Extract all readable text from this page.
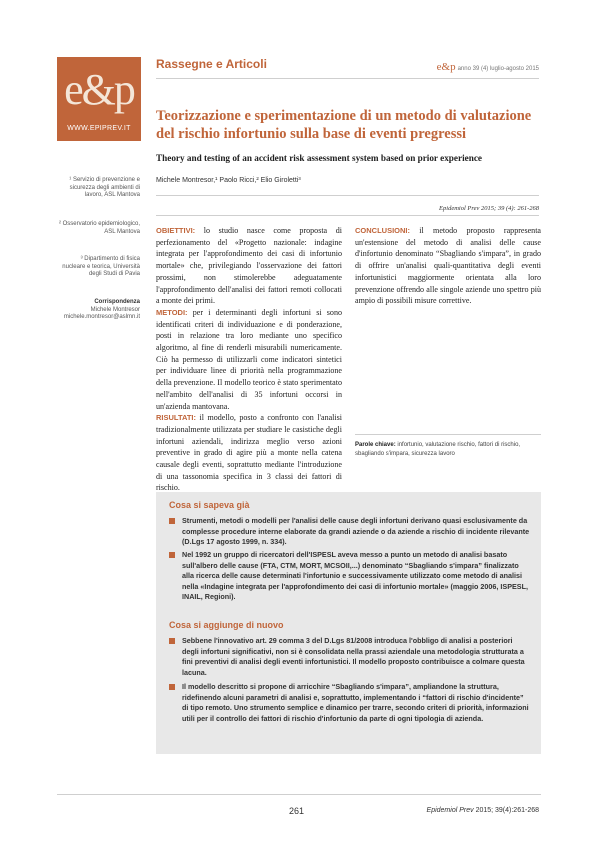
e&p
WWW.EPIPREV.IT
Rassegne e Articoli	e&p anno 39 (4) luglio-agosto 2015
Teorizzazione e sperimentazione di un metodo di valutazione del rischio infortunio sulla base di eventi pregressi
Theory and testing of an accident risk assessment system based on prior experience
Michele Montresor,¹ Paolo Ricci,² Elio Giroletti³
¹ Servizio di prevenzione e sicurezza degli ambienti di lavoro, ASL Mantova
² Osservatorio epidemiologico, ASL Mantova
³ Dipartimento di fisica nucleare e teorica, Università degli Studi di Pavia
Corrispondenza
Michele Montresor
michele.montresor@aslmn.it
Epidemiol Prev 2015; 39 (4): 261-268
OBIETTIVI: lo studio nasce come proposta di perfezionamento del «Progetto nazionale: indagine integrata per l'approfondimento dei casi di infortunio mortale» che, privilegiando l'osservazione dei fattori prossimi, non stimolerebbe adeguatamente l'approfondimento dell'analisi dei fattori remoti collocati a monte dei primi.
METODI: per i determinanti degli infortuni si sono identificati criteri di individuazione e di ponderazione, posti in relazione tra loro mediante uno specifico algoritmo, al fine di renderli misurabili numericamente. Ciò ha permesso di utilizzarli come indicatori sintetici per individuare linee di priorità nella programmazione della prevenzione. Il modello teorico è stato sperimentato nell'ambito dell'analisi di 35 infortuni occorsi in un'azienda mantovana.
RISULTATI: il modello, posto a confronto con l'analisi tradizionalmente utilizzata per studiare le casistiche degli infortuni aziendali, indirizza meglio verso azioni preventive in grado di agire più a monte nella catena causale degli eventi, soprattutto mediante l'introduzione di una tassonomia specifica in 3 classi dei fattori di rischio.
CONCLUSIONI: il metodo proposto rappresenta un'estensione del metodo di analisi delle cause d'infortunio denominato “Sbagliando s'impara”, in grado di offrire un'analisi quali-quantitativa degli eventi infortunistici maggiormente orientata alla loro prevenzione offrendo alle singole aziende uno spettro più ampio di possibili misure correttive.
Parole chiave: infortunio, valutazione rischio, fattori di rischio, sbagliando s'impara, sicurezza lavoro
Cosa si sapeva già
Strumenti, metodi o modelli per l'analisi delle cause degli infortuni derivano quasi esclusivamente da complesse procedure interne elaborate da grandi aziende o da aziende a rischio di incidente rilevante (D.Lgs 17 agosto 1999, n. 334).
Nel 1992 un gruppo di ricercatori dell'ISPESL aveva messo a punto un metodo di analisi basato sull'albero delle cause (FTA, CTM, MORT, MCSOII,...) denominato “Sbagliando s'impara” finalizzato alla ricerca delle cause determinati l'infortunio e successivamente utilizzato come metodo di analisi nella «Indagine integrata per l'approfondimento dei casi di infortunio mortale» (maggio 2006, ISPESL, INAIL, Regioni).
Cosa si aggiunge di nuovo
Sebbene l'innovativo art. 29 comma 3 del D.Lgs 81/2008 introduca l'obbligo di analisi a posteriori degli infortuni significativi, non si è consolidata nella prassi aziendale una metodologia strutturata a fini preventivi di analisi degli eventi infortunistici. Il modello proposto contribuisce a colmare questa lacuna.
Il modello descritto si propone di arricchire “Sbagliando s'impara”, ampliandone la struttura, ridefinendo alcuni parametri di analisi e, soprattutto, implementando i “fattori di rischio d'incidente” di tipo remoto. Uno strumento semplice e dinamico per trarre, secondo criteri di priorità, informazioni utili per il controllo dei fattori di rischio d'infortunio da parte di ogni tipologia di azienda.
261	Epidemiol Prev 2015; 39(4):261-268
